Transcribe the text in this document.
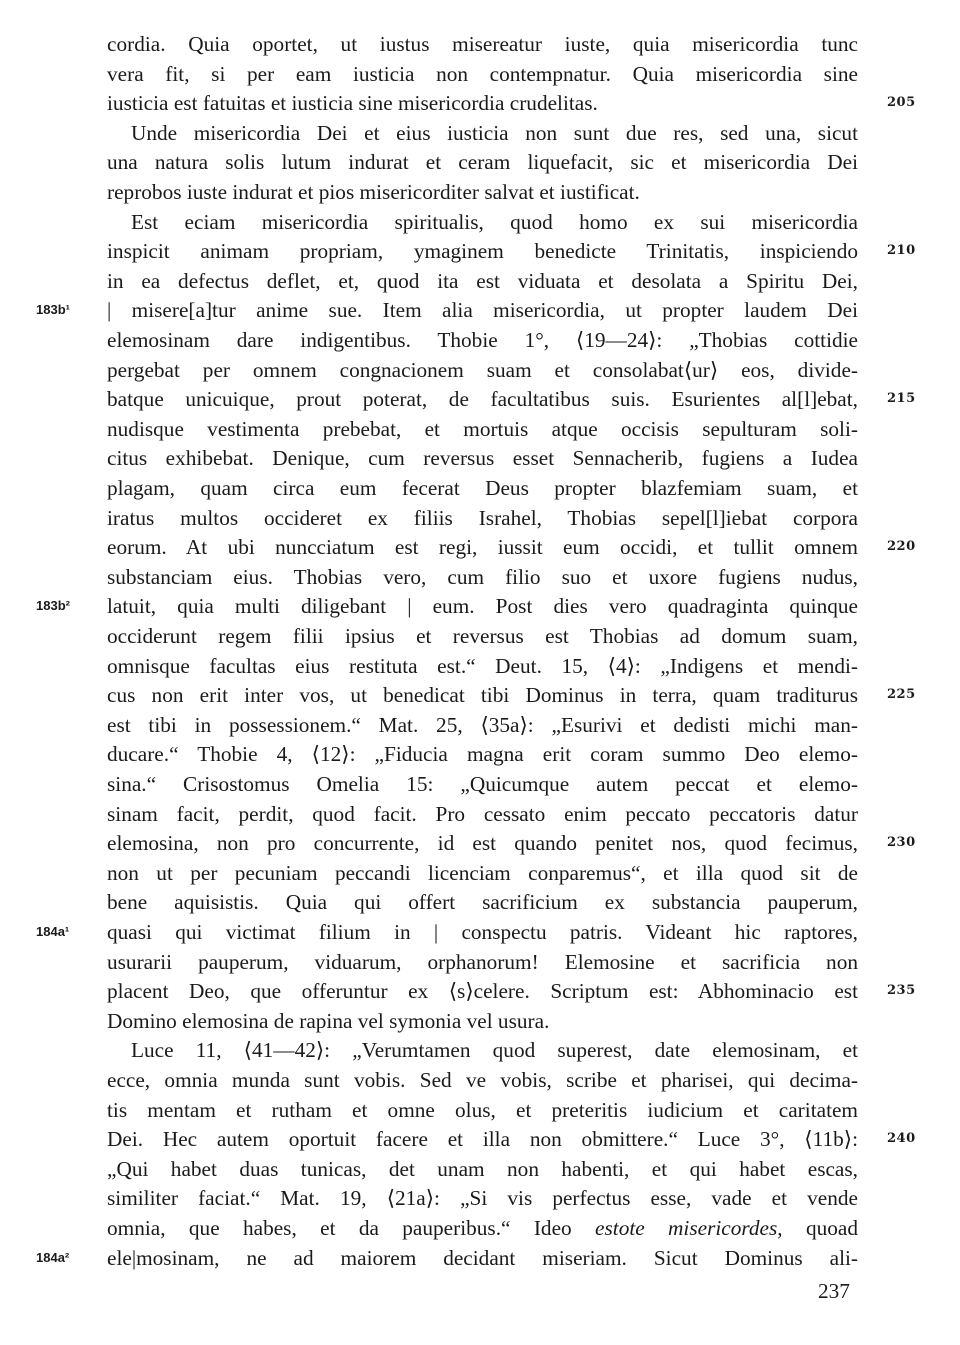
cordia. Quia oportet, ut iustus misereatur iuste, quia misericordia tunc
vera fit, si per eam iusticia non contempnatur. Quia misericordia sine
iusticia est fatuitas et iusticia sine misericordia crudelitas.
Unde misericordia Dei et eius iusticia non sunt due res, sed una, sicut
una natura solis lutum indurat et ceram liquefacit, sic et misericordia Dei
reprobos iuste indurat et pios misericorditer salvat et iustificat.
Est eciam misericordia spiritualis, quod homo ex sui misericordia
inspicit animam propriam, ymaginem benedicte Trinitatis, inspiciendo
in ea defectus deflet, et, quod ita est viduata et desolata a Spiritu Dei,
| misere[a]tur anime sue. Item alia misericordia, ut propter laudem Dei
elemosinam dare indigentibus. Thobie 1°, ⟨19—24⟩: „Thobias cottidie
pergebat per omnem congnacionem suam et consolabat⟨ur⟩ eos, divide-
batque unicuique, prout poterat, de facultatibus suis. Esurientes al[l]ebat,
nudisque vestimenta prebebat, et mortuis atque occisis sepulturam soli-
citus exhibebat. Denique, cum reversus esset Sennacherib, fugiens a Iudea
plagam, quam circa eum fecerat Deus propter blazfemiam suam, et
iratus multos occideret ex filiis Israhel, Thobias sepel[l]iebat corpora
eorum. At ubi nuncciatum est regi, iussit eum occidi, et tullit omnem
substanciam eius. Thobias vero, cum filio suo et uxore fugiens nudus,
latuit, quia multi diligebant | eum. Post dies vero quadraginta quinque
occiderunt regem filii ipsius et reversus est Thobias ad domum suam,
omnisque facultas eius restituta est.“ Deut. 15, ⟨4⟩: „Indigens et mendi-
cus non erit inter vos, ut benedicat tibi Dominus in terra, quam traditurus
est tibi in possessionem.“ Mat. 25, ⟨35a⟩: „Esurivi et dedisti michi man-
ducare.“ Thobie 4, ⟨12⟩: „Fiducia magna erit coram summo Deo elemo-
sina.“ Crisostomus Omelia 15: „Quicumque autem peccat et elemo-
sinam facit, perdit, quod facit. Pro cessato enim peccato peccatoris datur
elemosina, non pro concurrente, id est quando penitet nos, quod fecimus,
non ut per pecuniam peccandi licenciam conparemus“, et illa quod sit de
bene aquisistis. Quia qui offert sacrificium ex substancia pauperum,
quasi qui victimat filium in | conspectu patris. Videant hic raptores,
usurarii pauperum, viduarum, orphanorum! Elemosine et sacrificia non
placent Deo, que offeruntur ex ⟨s⟩celere. Scriptum est: Abhominacio est
Domino elemosina de rapina vel symonia vel usura.
Luce 11, ⟨41—42⟩: „Verumtamen quod superest, date elemosinam, et
ecce, omnia munda sunt vobis. Sed ve vobis, scribe et pharisei, qui decima-
tis mentam et rutham et omne olus, et preteritis iudicium et caritatem
Dei. Hec autem oportuit facere et illa non obmittere.“ Luce 3°, ⟨11b⟩:
„Qui habet duas tunicas, det unam non habenti, et qui habet escas,
similiter faciat.“ Mat. 19, ⟨21a⟩: „Si vis perfectus esse, vade et vende
omnia, que habes, et da pauperibus.“ Ideo estote misericordes, quoad
ele|mosinam, ne ad maiorem decidant miseriam. Sicut Dominus ali-
205
210
215
220
225
230
235
240
183b¹
183b²
184a¹
184a²
237
